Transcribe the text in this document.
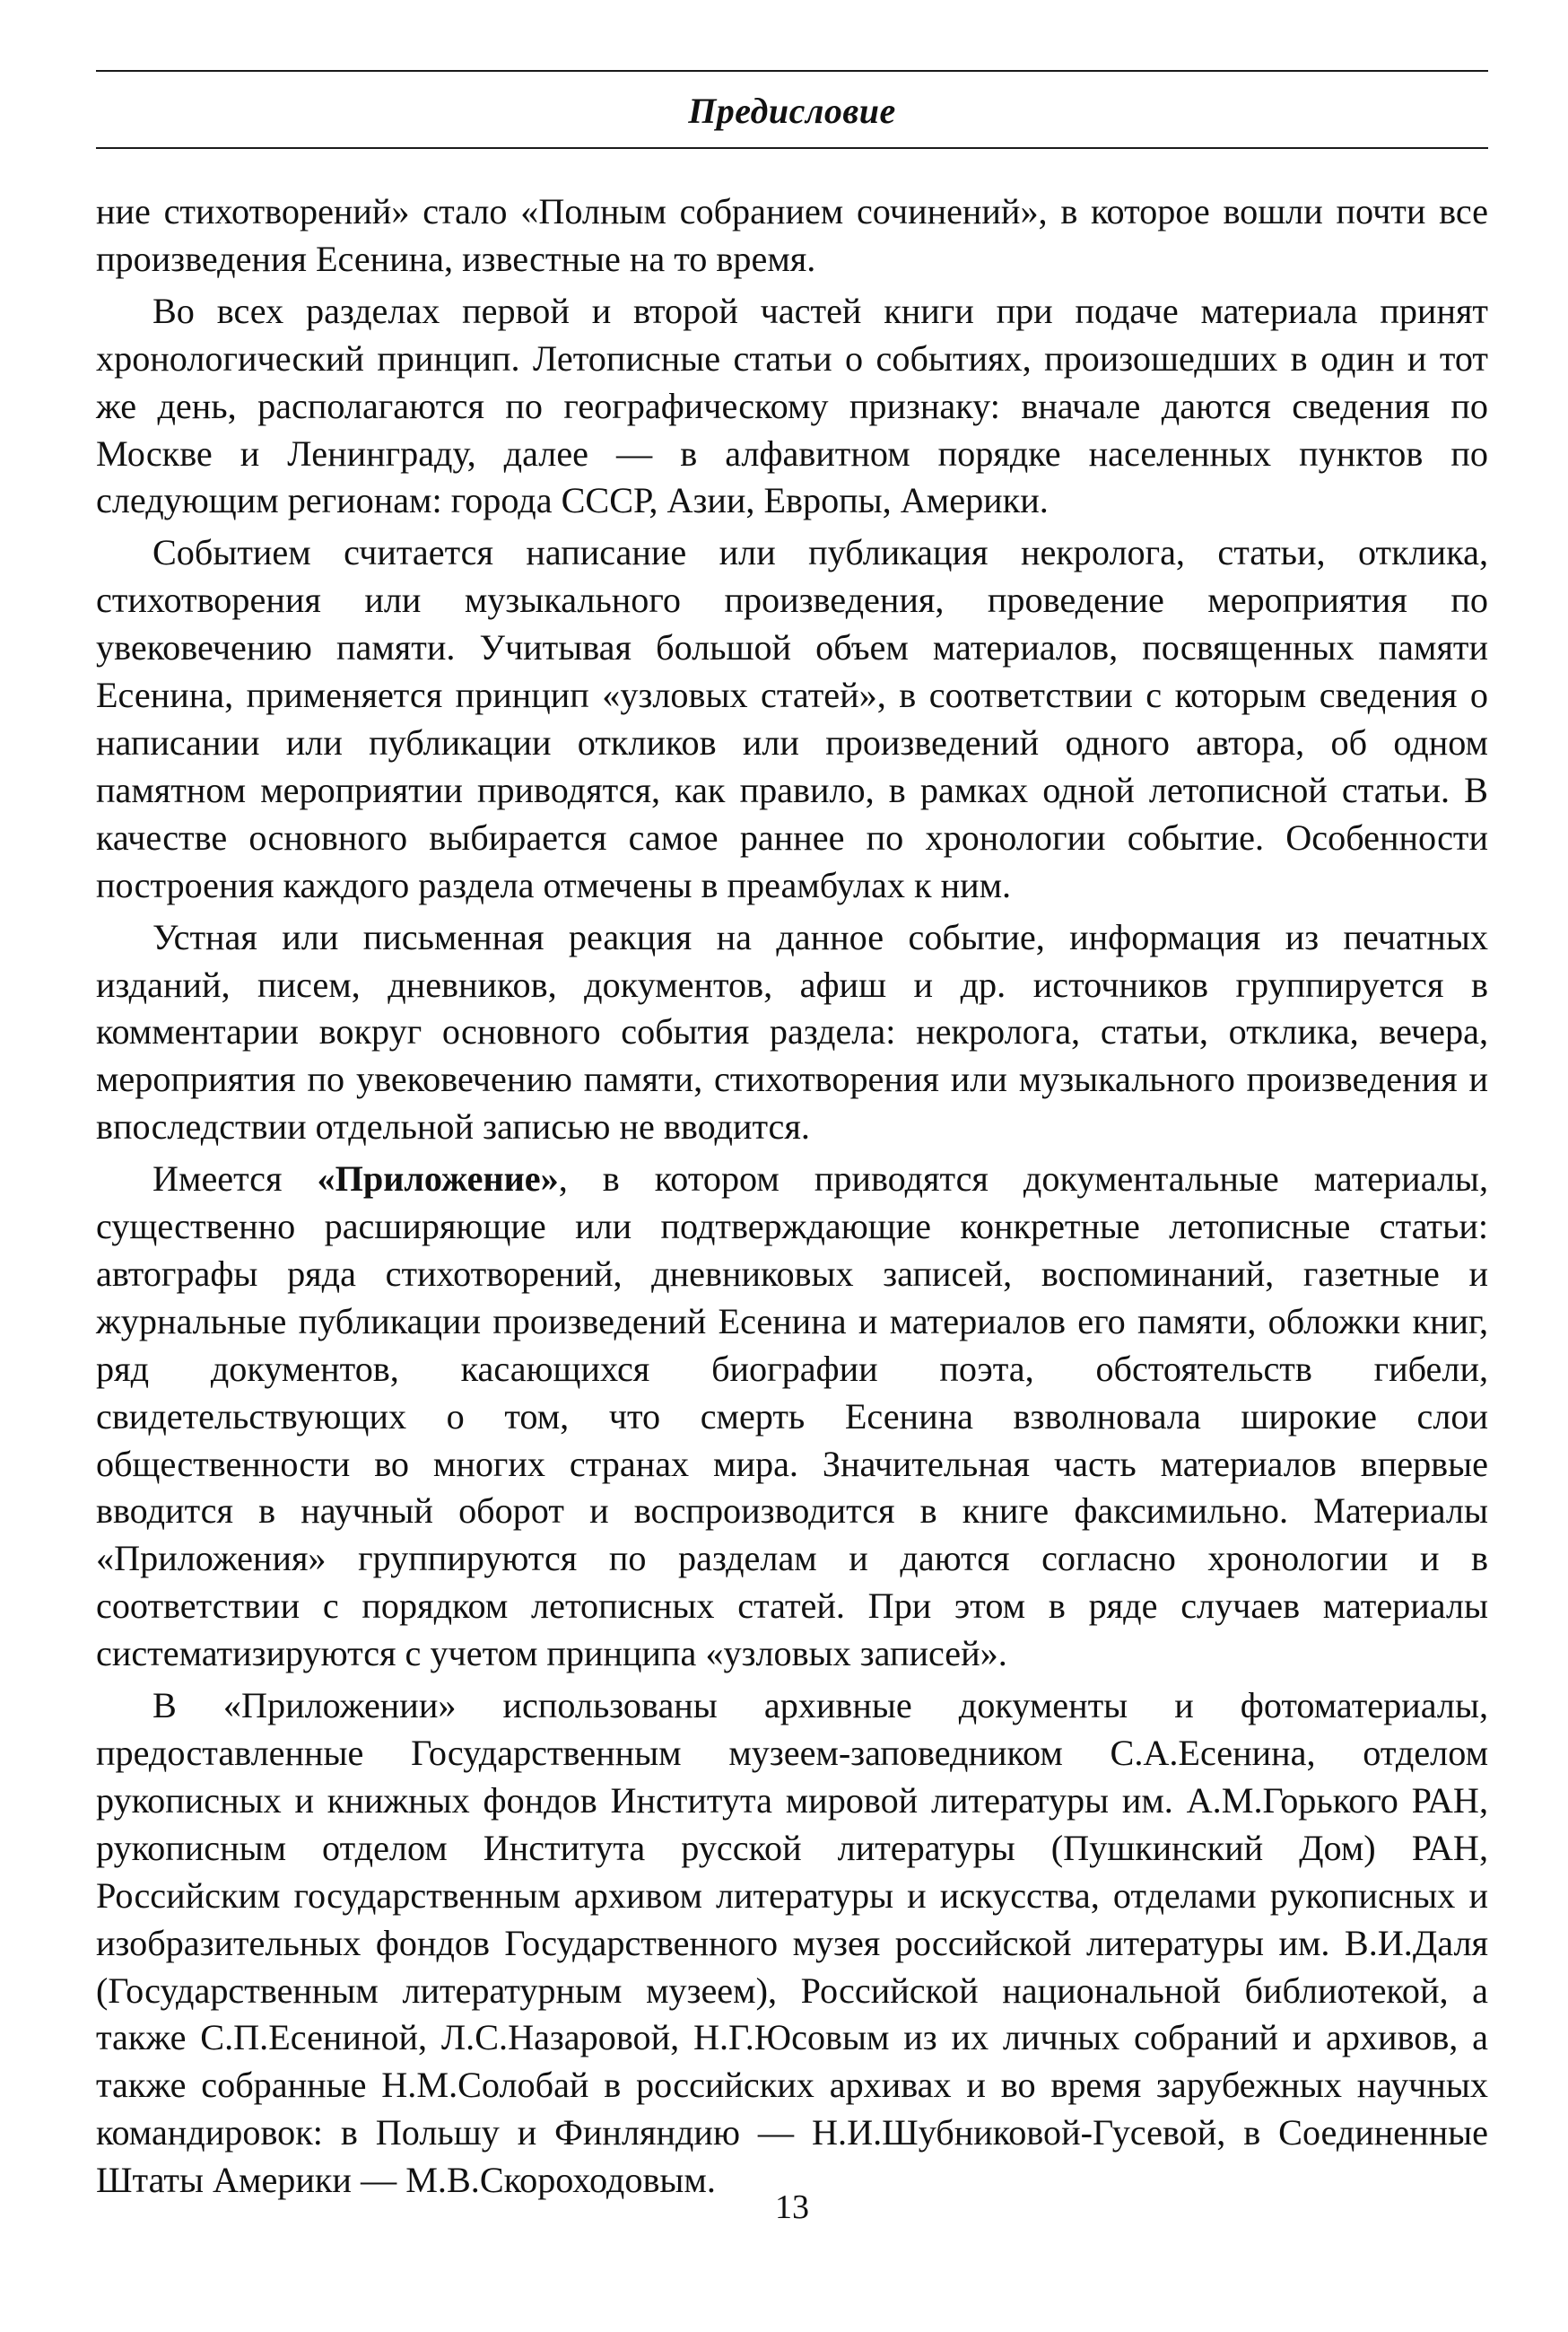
Предисловие

ние стихотворений» стало «Полным собранием сочинений», в которое вошли почти все произведения Есенина, известные на то время.

Во всех разделах первой и второй частей книги при подаче материала принят хронологический принцип. Летописные статьи о событиях, произошедших в один и тот же день, располагаются по географическому признаку: вначале даются сведения по Москве и Ленинграду, далее — в алфавитном порядке населенных пунктов по следующим регионам: города СССР, Азии, Европы, Америки.

Событием считается написание или публикация некролога, статьи, отклика, стихотворения или музыкального произведения, проведение мероприятия по увековечению памяти. Учитывая большой объем материалов, посвященных памяти Есенина, применяется принцип «узловых статей», в соответствии с которым сведения о написании или публикации откликов или произведений одного автора, об одном памятном мероприятии приводятся, как правило, в рамках одной летописной статьи. В качестве основного выбирается самое раннее по хронологии событие. Особенности построения каждого раздела отмечены в преамбулах к ним.

Устная или письменная реакция на данное событие, информация из печатных изданий, писем, дневников, документов, афиш и др. источников группируется в комментарии вокруг основного события раздела: некролога, статьи, отклика, вечера, мероприятия по увековечению памяти, стихотворения или музыкального произведения и впоследствии отдельной записью не вводится.

Имеется «Приложение», в котором приводятся документальные материалы, существенно расширяющие или подтверждающие конкретные летописные статьи: автографы ряда стихотворений, дневниковых записей, воспоминаний, газетные и журнальные публикации произведений Есенина и материалов его памяти, обложки книг, ряд документов, касающихся биографии поэта, обстоятельств гибели, свидетельствующих о том, что смерть Есенина взволновала широкие слои общественности во многих странах мира. Значительная часть материалов впервые вводится в научный оборот и воспроизводится в книге факсимильно. Материалы «Приложения» группируются по разделам и даются согласно хронологии и в соответствии с порядком летописных статей. При этом в ряде случаев материалы систематизируются с учетом принципа «узловых записей».

В «Приложении» использованы архивные документы и фотоматериалы, предоставленные Государственным музеем-заповедником С.А.Есенина, отделом рукописных и книжных фондов Института мировой литературы им. А.М.Горького РАН, рукописным отделом Института русской литературы (Пушкинский Дом) РАН, Российским государственным архивом литературы и искусства, отделами рукописных и изобразительных фондов Государственного музея российской литературы им. В.И.Даля (Государственным литературным музеем), Российской национальной библиотекой, а также С.П.Есениной, Л.С.Назаровой, Н.Г.Юсовым из их личных собраний и архивов, а также собранные Н.М.Солобай в российских архивах и во время зарубежных научных командировок: в Польшу и Финляндию — Н.И.Шубниковой-Гусевой, в Соединенные Штаты Америки — М.В.Скороходовым.

13
